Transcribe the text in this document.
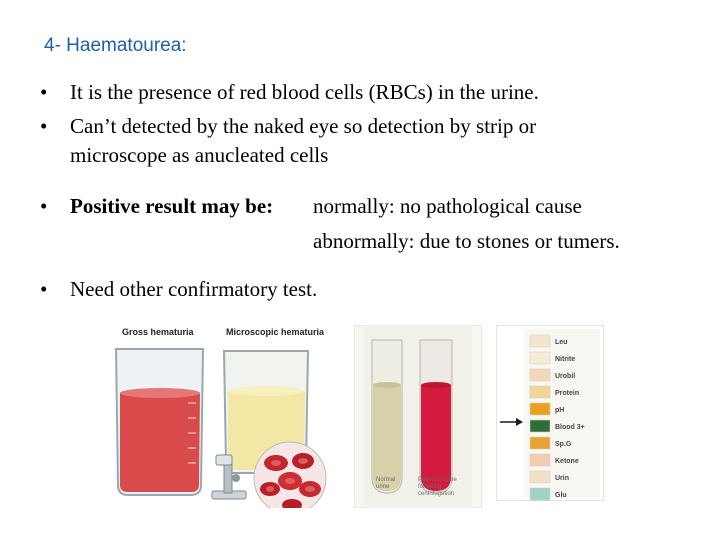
4- Haematourea:
• It is the presence of red blood cells (RBCs) in the urine.
• Can’t detected by the naked eye so detection by strip or
microscope as anucleated cells
• Positive result may be: normally: no pathological cause
abnormally: due to stones or tumers.
• Need other confirmatory test.
Gross hematuria	Microscopic hematuria
Normal
urine
Patient's Urine
following
centrifugation
Leu
Nitrite
Urobil
Protein
pH
Blood 3+
Sp.G
Ketone
Urin
Glu
